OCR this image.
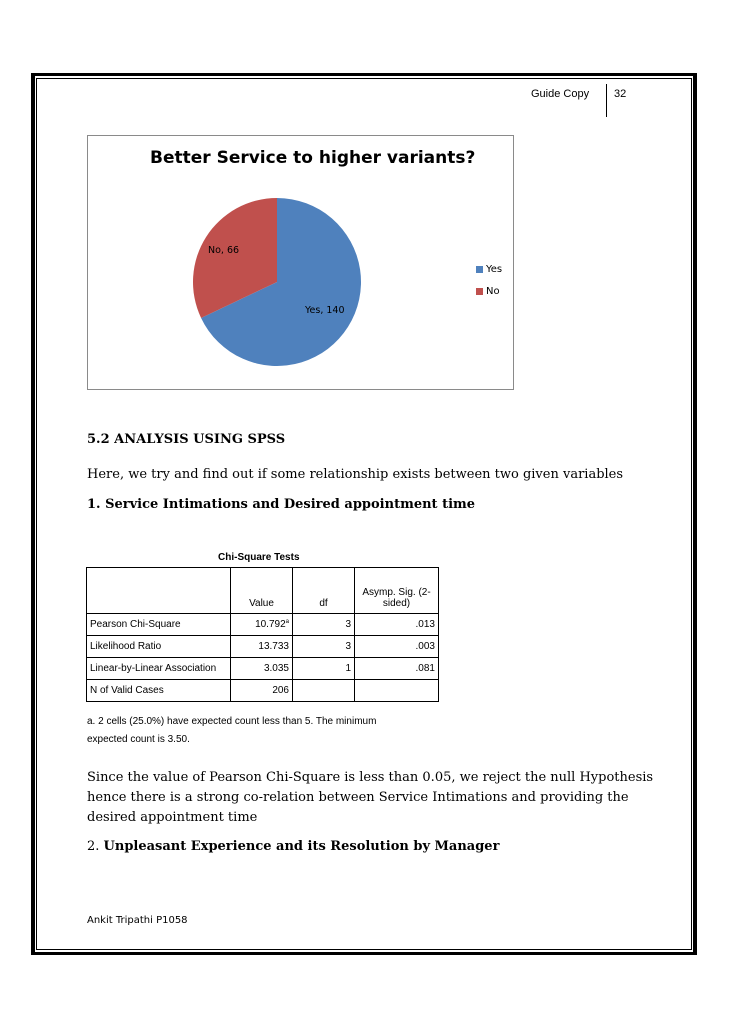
Guide Copy 32
Better Service to higher variants?
Yes, 140
No, 66
Yes
No
5.2 ANALYSIS USING SPSS
Here, we try and find out if some relationship exists between two given variables
1. Service Intimations and Desired appointment time
Chi-Square Tests
	Value	df	Asymp. Sig. (2-sided)
Pearson Chi-Square	10.792$^a$	3	.013
Likelihood Ratio	13.733	3	.003
Linear-by-Linear Association	3.035	1	.081
N of Valid Cases	206		
a. 2 cells (25.0%) have expected count less than 5. The minimum
expected count is 3.50.
Since the value of Pearson Chi-Square is less than 0.05, we reject the null Hypothesis
hence there is a strong co-relation between Service Intimations and providing the
desired appointment time
2. Unpleasant Experience and its Resolution by Manager
Ankit Tripathi P1058
